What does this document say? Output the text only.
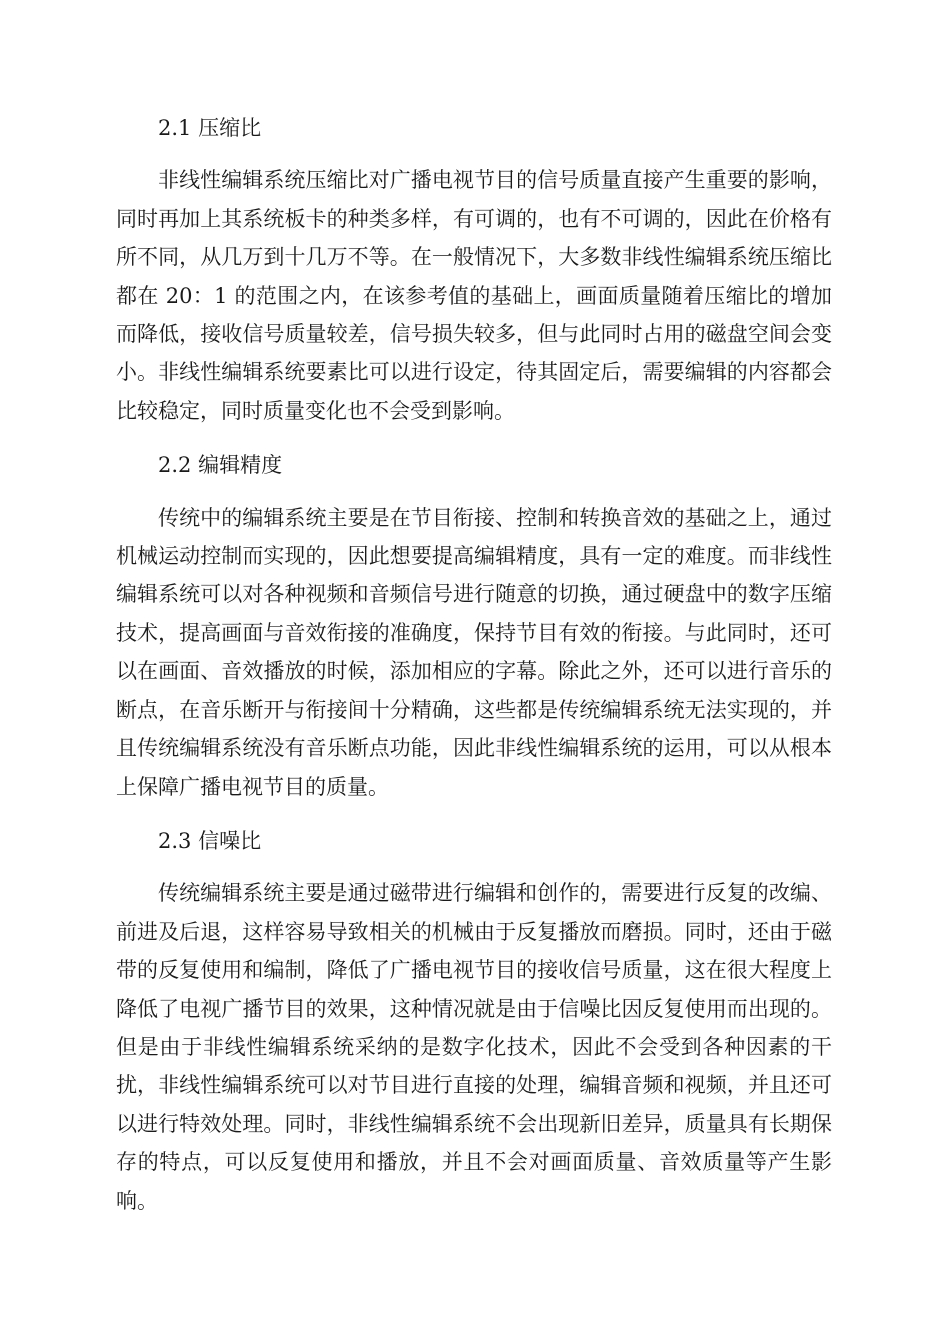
2.1 压缩比

非线性编辑系统压缩比对广播电视节目的信号质量直接产生重要的影响，同时再加上其系统板卡的种类多样，有可调的，也有不可调的，因此在价格有所不同，从几万到十几万不等。在一般情况下，大多数非线性编辑系统压缩比都在 20：1 的范围之内，在该参考值的基础上，画面质量随着压缩比的增加而降低，接收信号质量较差，信号损失较多，但与此同时占用的磁盘空间会变小。非线性编辑系统要素比可以进行设定，待其固定后，需要编辑的内容都会比较稳定，同时质量变化也不会受到影响。

2.2 编辑精度

传统中的编辑系统主要是在节目衔接、控制和转换音效的基础之上，通过机械运动控制而实现的，因此想要提高编辑精度，具有一定的难度。而非线性编辑系统可以对各种视频和音频信号进行随意的切换，通过硬盘中的数字压缩技术，提高画面与音效衔接的准确度，保持节目有效的衔接。与此同时，还可以在画面、音效播放的时候，添加相应的字幕。除此之外，还可以进行音乐的断点，在音乐断开与衔接间十分精确，这些都是传统编辑系统无法实现的，并且传统编辑系统没有音乐断点功能，因此非线性编辑系统的运用，可以从根本上保障广播电视节目的质量。

2.3 信噪比

传统编辑系统主要是通过磁带进行编辑和创作的，需要进行反复的改编、前进及后退，这样容易导致相关的机械由于反复播放而磨损。同时，还由于磁带的反复使用和编制，降低了广播电视节目的接收信号质量，这在很大程度上降低了电视广播节目的效果，这种情况就是由于信噪比因反复使用而出现的。但是由于非线性编辑系统采纳的是数字化技术，因此不会受到各种因素的干扰，非线性编辑系统可以对节目进行直接的处理，编辑音频和视频，并且还可以进行特效处理。同时，非线性编辑系统不会出现新旧差异，质量具有长期保存的特点，可以反复使用和播放，并且不会对画面质量、音效质量等产生影响。
